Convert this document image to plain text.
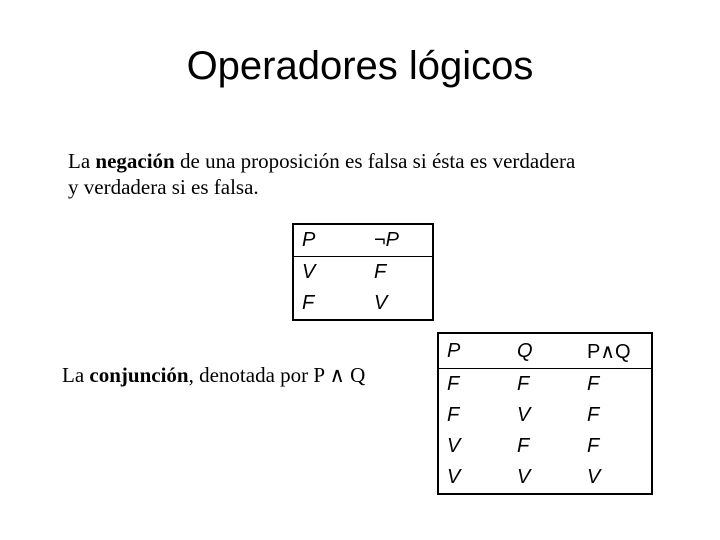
Operadores lógicos
La negación de una proposición es falsa si ésta es verdadera
y verdadera si es falsa.
P	¬P
V	F
F	V
La conjunción, denotada por P ∧ Q
P	Q	P∧Q
F	F	F
F	V	F
V	F	F
V	V	V
